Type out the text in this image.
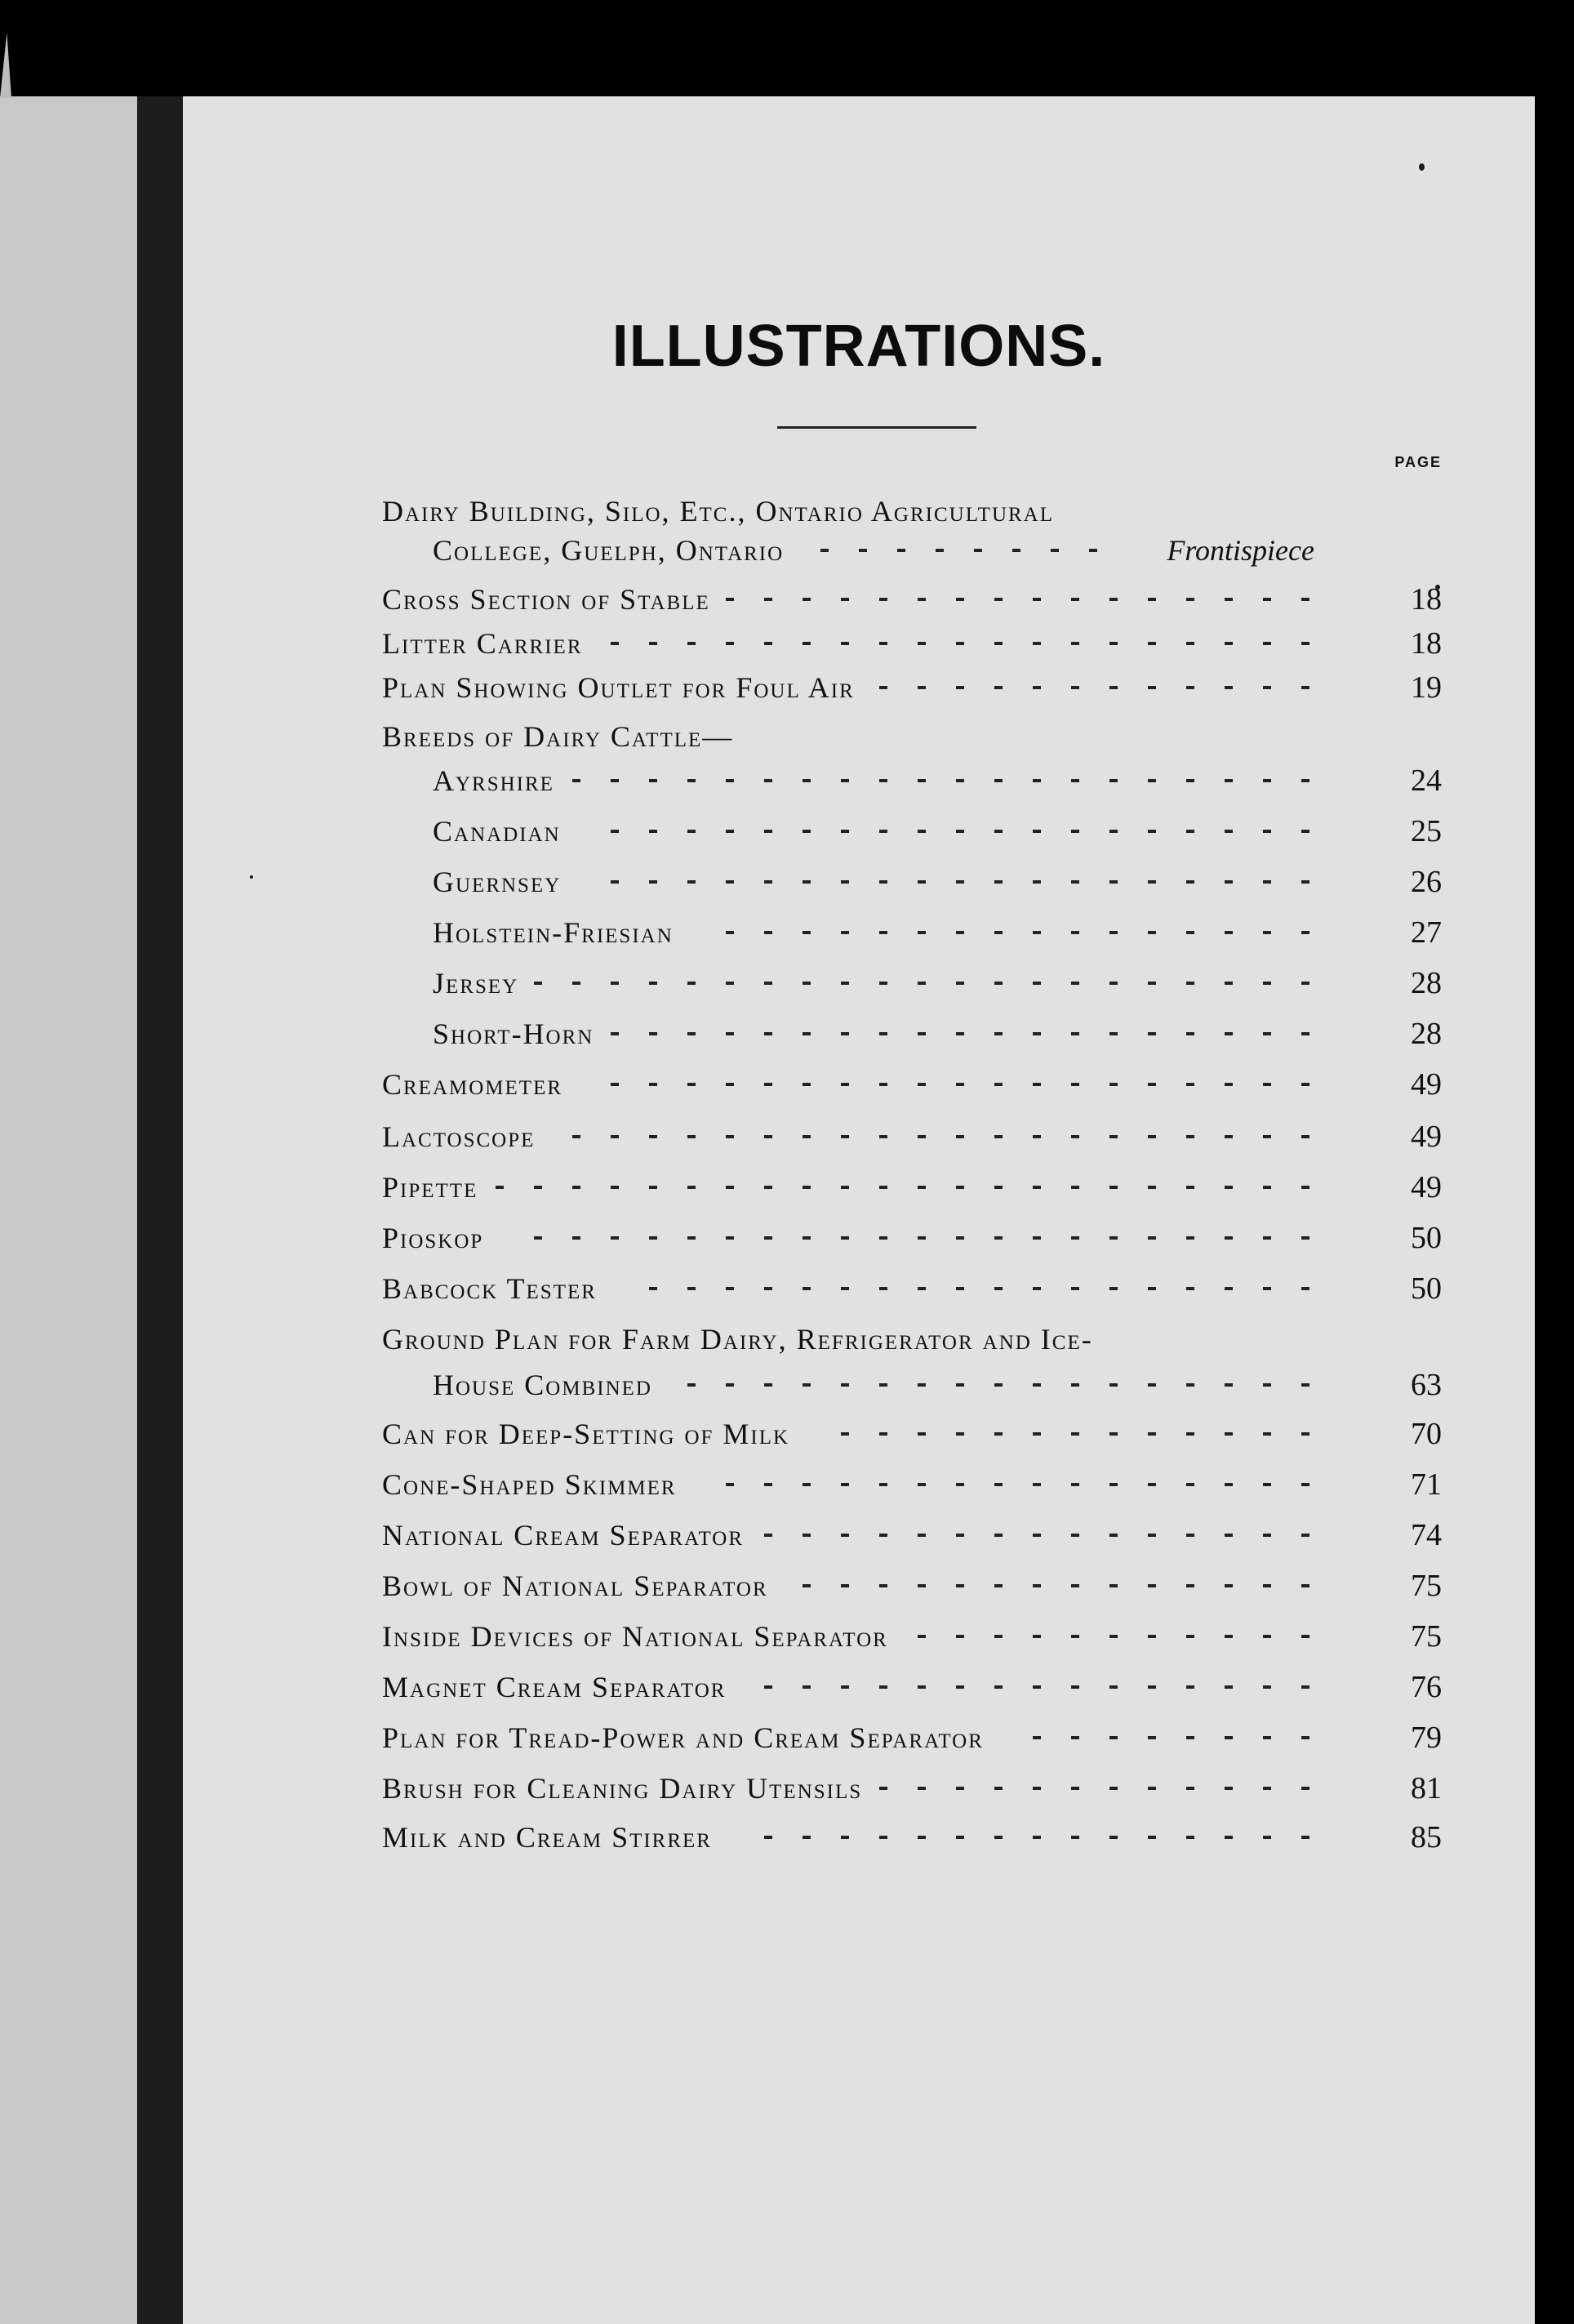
ILLUSTRATIONS.
PAGE
Dairy Building, Silo, Etc., Ontario Agricultural
College, Guelph, Ontario	Frontispiece
Cross Section of Stable	18
Litter Carrier	18
Plan Showing Outlet for Foul Air	19
Breeds of Dairy Cattle—
Ayrshire	24
Canadian	25
Guernsey	26
Holstein-Friesian	27
Jersey	28
Short-Horn	28
Creamometer	49
Lactoscope	49
Pipette	49
Pioskop	50
Babcock Tester	50
Ground Plan for Farm Dairy, Refrigerator and Ice-
House Combined	63
Can for Deep-Setting of Milk	70
Cone-Shaped Skimmer	71
National Cream Separator	74
Bowl of National Separator	75
Inside Devices of National Separator	75
Magnet Cream Separator	76
Plan for Tread-Power and Cream Separator	79
Brush for Cleaning Dairy Utensils	81
Milk and Cream Stirrer	85
